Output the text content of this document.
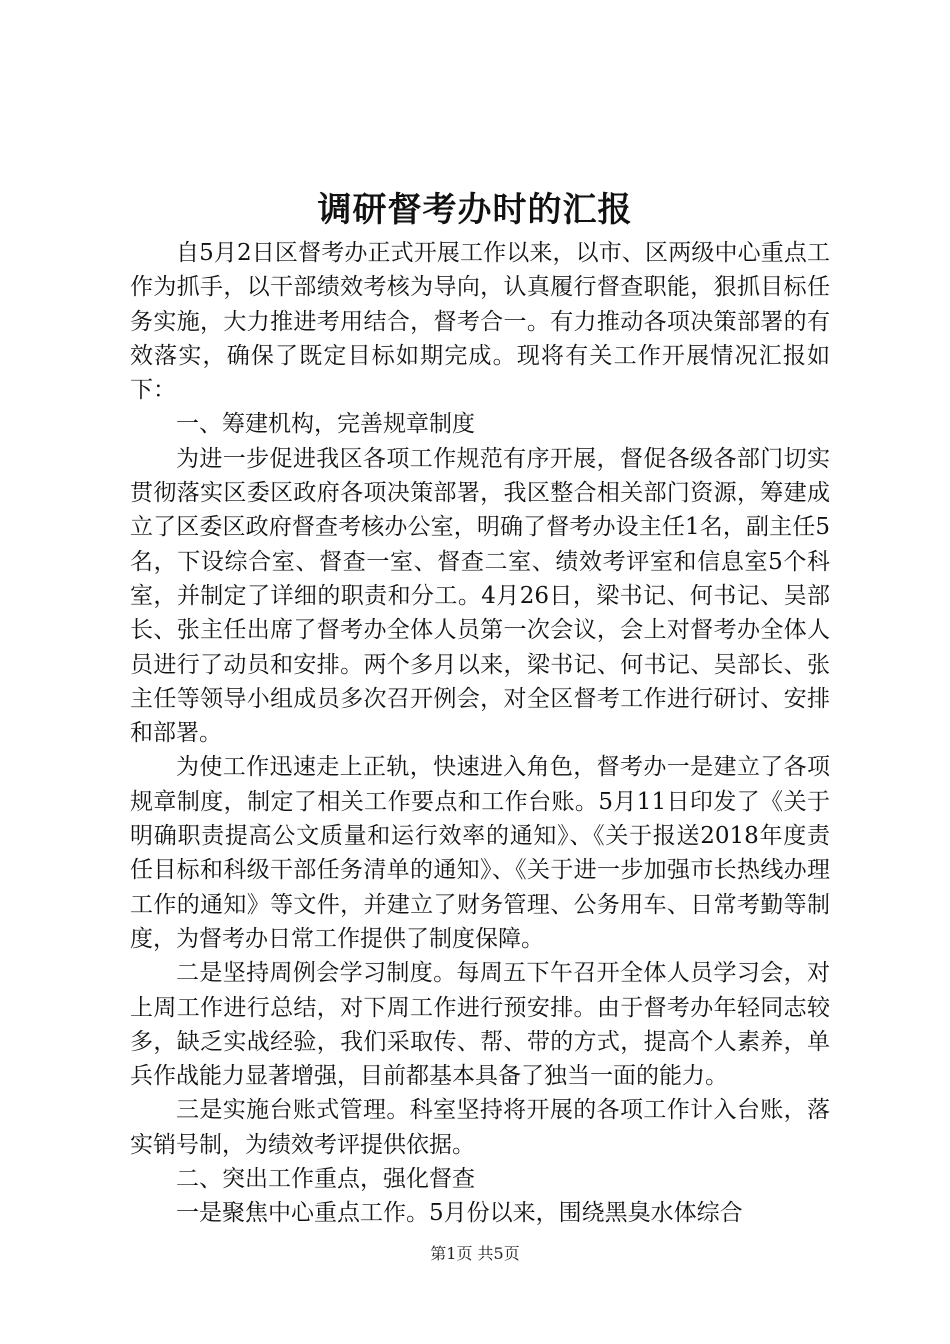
调研督考办时的汇报

自5月2日区督考办正式开展工作以来，以市、区两级中心重点工作为抓手，以干部绩效考核为导向，认真履行督查职能，狠抓目标任务实施，大力推进考用结合，督考合一。有力推动各项决策部署的有效落实，确保了既定目标如期完成。现将有关工作开展情况汇报如下：

一、筹建机构，完善规章制度

为进一步促进我区各项工作规范有序开展，督促各级各部门切实贯彻落实区委区政府各项决策部署，我区整合相关部门资源，筹建成立了区委区政府督查考核办公室，明确了督考办设主任1名，副主任5名，下设综合室、督查一室、督查二室、绩效考评室和信息室5个科室，并制定了详细的职责和分工。4月26日，梁书记、何书记、吴部长、张主任出席了督考办全体人员第一次会议，会上对督考办全体人员进行了动员和安排。两个多月以来，梁书记、何书记、吴部长、张主任等领导小组成员多次召开例会，对全区督考工作进行研讨、安排和部署。

为使工作迅速走上正轨，快速进入角色，督考办一是建立了各项规章制度，制定了相关工作要点和工作台账。5月11日印发了《关于明确职责提高公文质量和运行效率的通知》、《关于报送2018年度责任目标和科级干部任务清单的通知》、《关于进一步加强市长热线办理工作的通知》等文件，并建立了财务管理、公务用车、日常考勤等制度，为督考办日常工作提供了制度保障。

二是坚持周例会学习制度。每周五下午召开全体人员学习会，对上周工作进行总结，对下周工作进行预安排。由于督考办年轻同志较多，缺乏实战经验，我们采取传、帮、带的方式，提高个人素养，单兵作战能力显著增强，目前都基本具备了独当一面的能力。

三是实施台账式管理。科室坚持将开展的各项工作计入台账，落实销号制，为绩效考评提供依据。

二、突出工作重点，强化督查

一是聚焦中心重点工作。5月份以来，围绕黑臭水体综合

第1页 共5页
